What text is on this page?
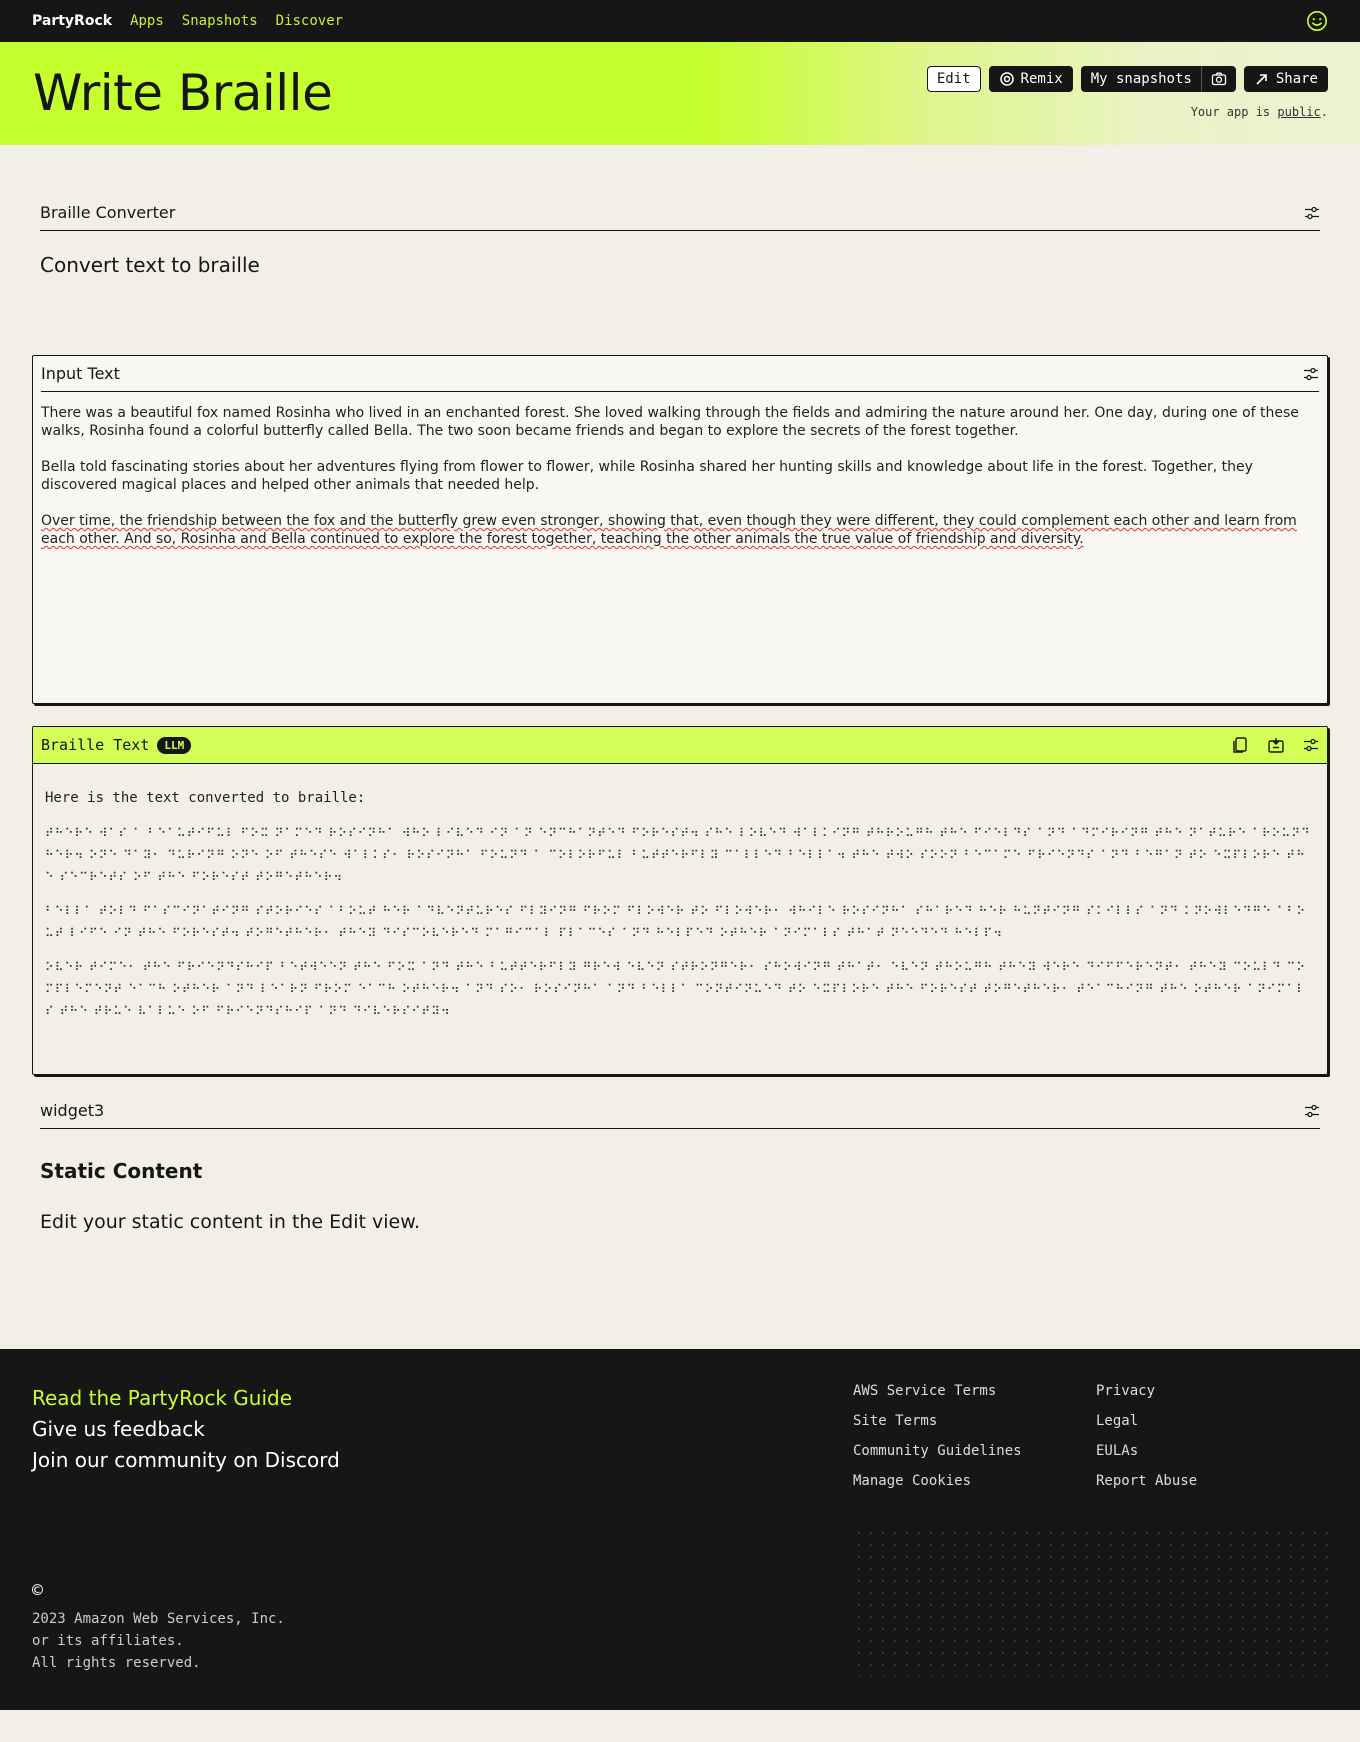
PartyRock Apps Snapshots Discover
Write Braille	Edit	Remix	My snapshots	Share
Your app is public.
Braille Converter
Convert text to braille
Input Text

There was a beautiful fox named Rosinha who lived in an enchanted forest. She loved walking through the fields and admiring the nature around her. One day, during one of these walks, Rosinha found a colorful butterfly called Bella. The two soon became friends and began to explore the secrets of the forest together.

Bella told fascinating stories about her adventures flying from flower to flower, while Rosinha shared her hunting skills and knowledge about life in the forest. Together, they discovered magical places and helped other animals that needed help.

Over time, the friendship between the fox and the butterfly grew even stronger, showing that, even though they were different, they could complement each other and learn from each other. And so, Rosinha and Bella continued to explore the forest together, teaching the other animals the true value of friendship and diversity.

Braille Text	LLM
Here is the text converted to braille:
⠞⠓⠑⠗⠑ ⠺⠁⠎ ⠁ ⠃⠑⠁⠥⠞⠊⠋⠥⠇ ⠋⠕⠭ ⠝⠁⠍⠑⠙ ⠗⠕⠎⠊⠝⠓⠁ ⠺⠓⠕ ⠇⠊⠧⠑⠙ ⠊⠝ ⠁⠝ ⠑⠝⠉⠓⠁⠝⠞⠑⠙ ⠋⠕⠗⠑⠎⠞⠲ ⠎⠓⠑ ⠇⠕⠧⠑⠙ ⠺⠁⠇⠅⠊⠝⠛ ⠞⠓⠗⠕⠥⠛⠓ ⠞⠓⠑ ⠋⠊⠑⠇⠙⠎ ⠁⠝⠙ ⠁⠙⠍⠊⠗⠊⠝⠛ ⠞⠓⠑ ⠝⠁⠞⠥⠗⠑ ⠁⠗⠕⠥⠝⠙ ⠓⠑⠗⠲ ⠕⠝⠑ ⠙⠁⠽⠂ ⠙⠥⠗⠊⠝⠛ ⠕⠝⠑ ⠕⠋ ⠞⠓⠑⠎⠑ ⠺⠁⠇⠅⠎⠂ ⠗⠕⠎⠊⠝⠓⠁ ⠋⠕⠥⠝⠙ ⠁ ⠉⠕⠇⠕⠗⠋⠥⠇ ⠃⠥⠞⠞⠑⠗⠋⠇⠽ ⠉⠁⠇⠇⠑⠙ ⠃⠑⠇⠇⠁⠲ ⠞⠓⠑ ⠞⠺⠕ ⠎⠕⠕⠝ ⠃⠑⠉⠁⠍⠑ ⠋⠗⠊⠑⠝⠙⠎ ⠁⠝⠙ ⠃⠑⠛⠁⠝ ⠞⠕ ⠑⠭⠏⠇⠕⠗⠑ ⠞⠓⠑ ⠎⠑⠉⠗⠑⠞⠎ ⠕⠋ ⠞⠓⠑ ⠋⠕⠗⠑⠎⠞ ⠞⠕⠛⠑⠞⠓⠑⠗⠲
⠃⠑⠇⠇⠁ ⠞⠕⠇⠙ ⠋⠁⠎⠉⠊⠝⠁⠞⠊⠝⠛ ⠎⠞⠕⠗⠊⠑⠎ ⠁⠃⠕⠥⠞ ⠓⠑⠗ ⠁⠙⠧⠑⠝⠞⠥⠗⠑⠎ ⠋⠇⠽⠊⠝⠛ ⠋⠗⠕⠍ ⠋⠇⠕⠺⠑⠗ ⠞⠕ ⠋⠇⠕⠺⠑⠗⠂ ⠺⠓⠊⠇⠑ ⠗⠕⠎⠊⠝⠓⠁ ⠎⠓⠁⠗⠑⠙ ⠓⠑⠗ ⠓⠥⠝⠞⠊⠝⠛ ⠎⠅⠊⠇⠇⠎ ⠁⠝⠙ ⠅⠝⠕⠺⠇⠑⠙⠛⠑ ⠁⠃⠕⠥⠞ ⠇⠊⠋⠑ ⠊⠝ ⠞⠓⠑ ⠋⠕⠗⠑⠎⠞⠲ ⠞⠕⠛⠑⠞⠓⠑⠗⠂ ⠞⠓⠑⠽ ⠙⠊⠎⠉⠕⠧⠑⠗⠑⠙ ⠍⠁⠛⠊⠉⠁⠇ ⠏⠇⠁⠉⠑⠎ ⠁⠝⠙ ⠓⠑⠇⠏⠑⠙ ⠕⠞⠓⠑⠗ ⠁⠝⠊⠍⠁⠇⠎ ⠞⠓⠁⠞ ⠝⠑⠑⠙⠑⠙ ⠓⠑⠇⠏⠲
⠕⠧⠑⠗ ⠞⠊⠍⠑⠂ ⠞⠓⠑ ⠋⠗⠊⠑⠝⠙⠎⠓⠊⠏ ⠃⠑⠞⠺⠑⠑⠝ ⠞⠓⠑ ⠋⠕⠭ ⠁⠝⠙ ⠞⠓⠑ ⠃⠥⠞⠞⠑⠗⠋⠇⠽ ⠛⠗⠑⠺ ⠑⠧⠑⠝ ⠎⠞⠗⠕⠝⠛⠑⠗⠂ ⠎⠓⠕⠺⠊⠝⠛ ⠞⠓⠁⠞⠂ ⠑⠧⠑⠝ ⠞⠓⠕⠥⠛⠓ ⠞⠓⠑⠽ ⠺⠑⠗⠑ ⠙⠊⠋⠋⠑⠗⠑⠝⠞⠂ ⠞⠓⠑⠽ ⠉⠕⠥⠇⠙ ⠉⠕⠍⠏⠇⠑⠍⠑⠝⠞ ⠑⠁⠉⠓ ⠕⠞⠓⠑⠗ ⠁⠝⠙ ⠇⠑⠁⠗⠝ ⠋⠗⠕⠍ ⠑⠁⠉⠓ ⠕⠞⠓⠑⠗⠲ ⠁⠝⠙ ⠎⠕⠂ ⠗⠕⠎⠊⠝⠓⠁ ⠁⠝⠙ ⠃⠑⠇⠇⠁ ⠉⠕⠝⠞⠊⠝⠥⠑⠙ ⠞⠕ ⠑⠭⠏⠇⠕⠗⠑ ⠞⠓⠑ ⠋⠕⠗⠑⠎⠞ ⠞⠕⠛⠑⠞⠓⠑⠗⠂ ⠞⠑⠁⠉⠓⠊⠝⠛ ⠞⠓⠑ ⠕⠞⠓⠑⠗ ⠁⠝⠊⠍⠁⠇⠎ ⠞⠓⠑ ⠞⠗⠥⠑ ⠧⠁⠇⠥⠑ ⠕⠋ ⠋⠗⠊⠑⠝⠙⠎⠓⠊⠏ ⠁⠝⠙ ⠙⠊⠧⠑⠗⠎⠊⠞⠽⠲
widget3
Static Content

Edit your static content in the Edit view.

Read the PartyRock Guide
Give us feedback
Join our community on Discord
AWS Service Terms	Privacy
Site Terms	Legal
Community Guidelines	EULAs
Manage Cookies	Report Abuse
©
2023 Amazon Web Services, Inc.
or its affiliates.
All rights reserved.
